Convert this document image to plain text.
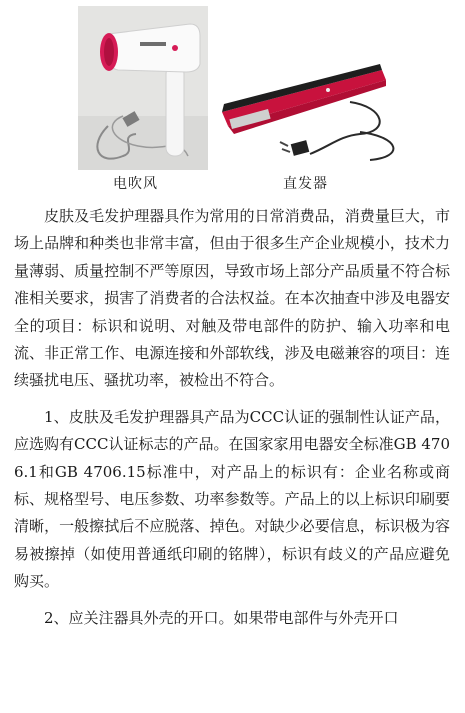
电吹风	直发器

皮肤及毛发护理器具作为常用的日常消费品，消费量巨大，市场上品牌和种类也非常丰富，但由于很多生产企业规模小，技术力量薄弱、质量控制不严等原因，导致市场上部分产品质量不符合标准相关要求，损害了消费者的合法权益。在本次抽查中涉及电器安全的项目：标识和说明、对触及带电部件的防护、输入功率和电流、非正常工作、电源连接和外部软线，涉及电磁兼容的项目：连续骚扰电压、骚扰功率，被检出不符合。

1、皮肤及毛发护理器具产品为CCC认证的强制性认证产品，应选购有CCC认证标志的产品。在国家家用电器安全标准GB 4706.1和GB 4706.15标准中，对产品上的标识有：企业名称或商标、规格型号、电压参数、功率参数等。产品上的以上标识印刷要清晰，一般擦拭后不应脱落、掉色。对缺少必要信息，标识极为容易被擦掉（如使用普通纸印刷的铭牌），标识有歧义的产品应避免购买。

2、应关注器具外壳的开口。如果带电部件与外壳开口
